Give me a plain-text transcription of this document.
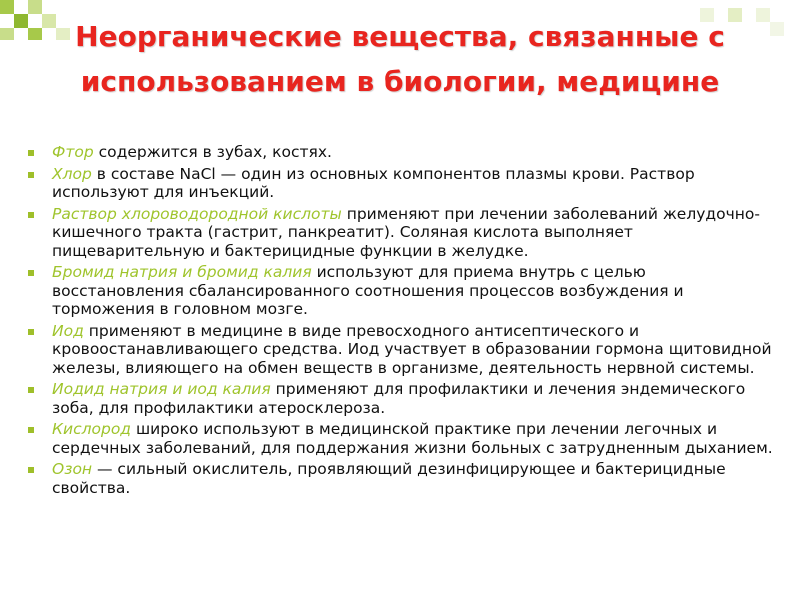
Неорганические вещества, связанные с использованием в биологии, медицине
Фтор содержится в зубах, костях.
Хлор в составе NaCl — один из основных компонентов плазмы крови. Раствор используют для инъекций.
Раствор хлороводородной кислоты применяют при лечении заболеваний желудочно-кишечного тракта (гастрит, панкреатит). Соляная кислота выполняет пищеварительную и бактерицидные функции в желудке.
Бромид натрия и бромид калия используют для приема внутрь с целью восстановления сбалансированного соотношения процессов возбуждения и торможения в головном мозге.
Иод применяют в медицине в виде превосходного антисептического и кровоостанавливающего средства. Иод участвует в образовании гормона щитовидной железы, влияющего на обмен веществ в организме, деятельность нервной системы.
Иодид натрия и иод калия применяют для профилактики и лечения эндемического зоба, для профилактики атеросклероза.
Кислород широко используют в медицинской практике при лечении легочных и сердечных заболеваний, для поддержания жизни больных с затрудненным дыханием.
Озон — сильный окислитель, проявляющий дезинфицирующее и бактерицидные свойства.
